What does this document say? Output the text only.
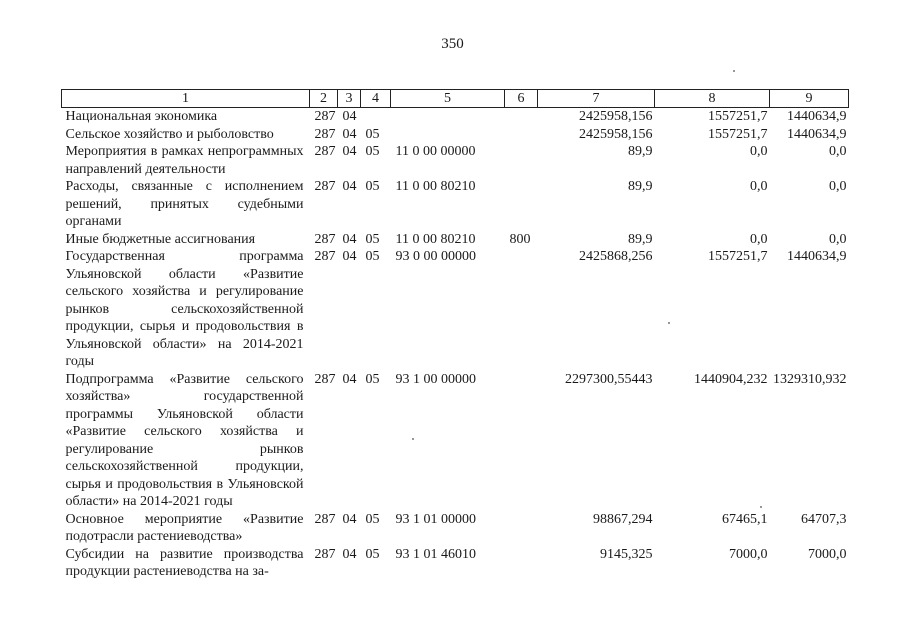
350
1	2	3	4	5	6	7	8	9
Национальная экономика	287	04				2425958,156	1557251,7	1440634,9
Сельское хозяйство и рыболовство	287	04	05			2425958,156	1557251,7	1440634,9
Мероприятия в рамках непрограммных направлений деятельности	287	04	05	11 0 00 00000		89,9	0,0	0,0
Расходы, связанные с исполнением решений, принятых судебными органами	287	04	05	11 0 00 80210		89,9	0,0	0,0
Иные бюджетные ассигнования	287	04	05	11 0 00 80210	800	89,9	0,0	0,0
Государственная программа Ульяновской области «Развитие сельского хозяйства и регулирование рынков сельскохозяйственной продукции, сырья и продовольствия в Ульяновской области» на 2014-2021 годы	287	04	05	93 0 00 00000		2425868,256	1557251,7	1440634,9
Подпрограмма «Развитие сельского хозяйства» государственной программы Ульяновской области «Развитие сельского хозяйства и регулирование рынков сельскохозяйственной продукции, сырья и продовольствия в Ульяновской области» на 2014-2021 годы	287	04	05	93 1 00 00000		2297300,55443	1440904,232	1329310,932
Основное мероприятие «Развитие подотрасли растениеводства»	287	04	05	93 1 01 00000		98867,294	67465,1	64707,3
Субсидии на развитие производства продукции растениеводства на за-	287	04	05	93 1 01 46010		9145,325	7000,0	7000,0
